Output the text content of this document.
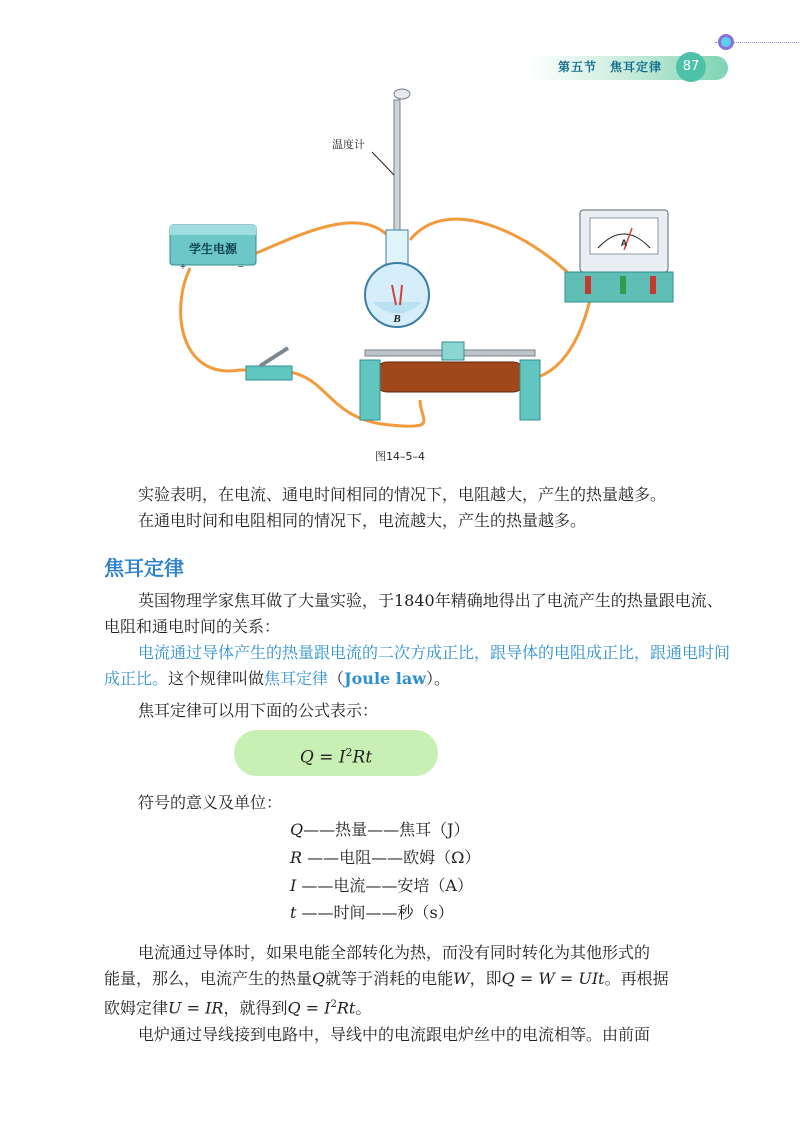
第五节　焦耳定律	87
学生电源
+	−
温度计
B
A
图14–5–4
实验表明，在电流、通电时间相同的情况下，电阻越大，产生的热量越多。
在通电时间和电阻相同的情况下，电流越大，产生的热量越多。
焦耳定律
英国物理学家焦耳做了大量实验，于1840年精确地得出了电流产生的热量跟电流、电阻和通电时间的关系：
电流通过导体产生的热量跟电流的二次方成正比，跟导体的电阻成正比，跟通电时间成正比。这个规律叫做焦耳定律（Joule law）。
焦耳定律可以用下面的公式表示：
$Q = I^2Rt$
符号的意义及单位：
Q——热量——焦耳（J）
R ——电阻——欧姆（Ω）
I ——电流——安培（A）
t ——时间——秒（s）
电流通过导体时，如果电能全部转化为热，而没有同时转化为其他形式的
能量，那么，电流产生的热量Q就等于消耗的电能W，即Q = W = UIt。再根据
欧姆定律U = IR，就得到$Q = I^2Rt$。
电炉通过导线接到电路中，导线中的电流跟电炉丝中的电流相等。由前面
